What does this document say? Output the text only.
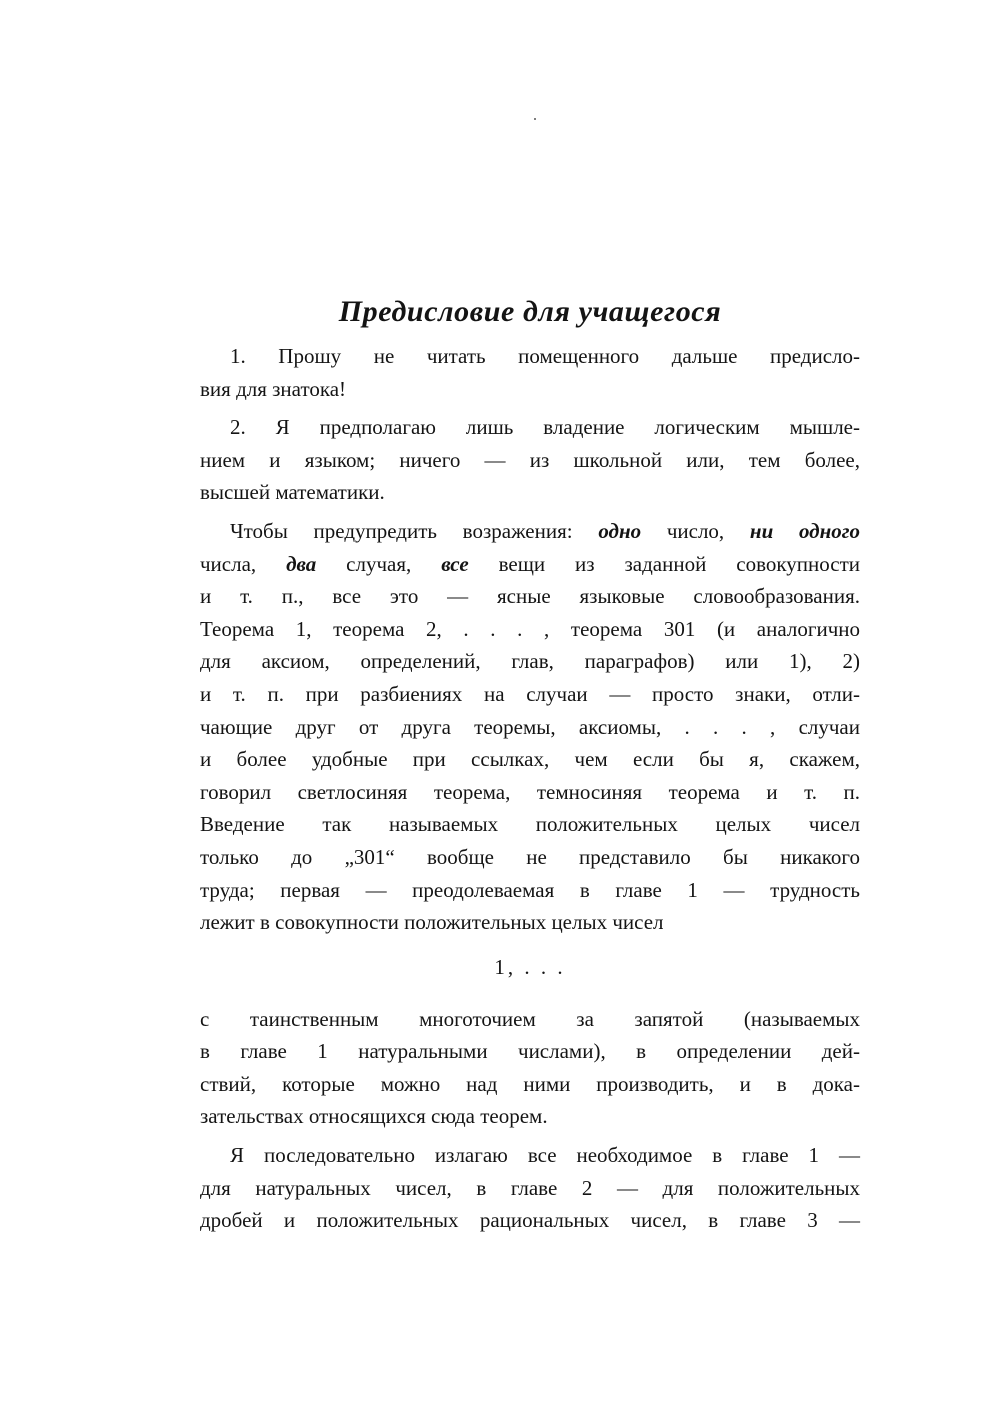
Предисловие для учащегося

1. Прошу не читать помещенного дальше предисло-
вия для знатока!

2. Я предполагаю лишь владение логическим мышле-
нием и языком; ничего — из школьной или, тем более,
высшей математики.

Чтобы предупредить возражения: одно число, ни одного
числа, два случая, все вещи из заданной совокупности
и т. п., все это — ясные языковые словообразования.
Теорема 1, теорема 2, . . . , теорема 301 (и аналогично
для аксиом, определений, глав, параграфов) или 1), 2)
и т. п. при разбиениях на случаи — просто знаки, отли-
чающие друг от друга теоремы, аксиомы, . . . , случаи
и более удобные при ссылках, чем если бы я, скажем,
говорил светлосиняя теорема, темносиняя теорема и т. п.
Введение так называемых положительных целых чисел
только до „301“ вообще не представило бы никакого
труда; первая — преодолеваемая в главе 1 — трудность
лежит в совокупности положительных целых чисел

1, . . .

с таинственным многоточием за запятой (называемых
в главе 1 натуральными числами), в определении дей-
ствий, которые можно над ними производить, и в дока-
зательствах относящихся сюда теорем.

Я последовательно излагаю все необходимое в главе 1 —
для натуральных чисел, в главе 2 — для положительных
дробей и положительных рациональных чисел, в главе 3 —
